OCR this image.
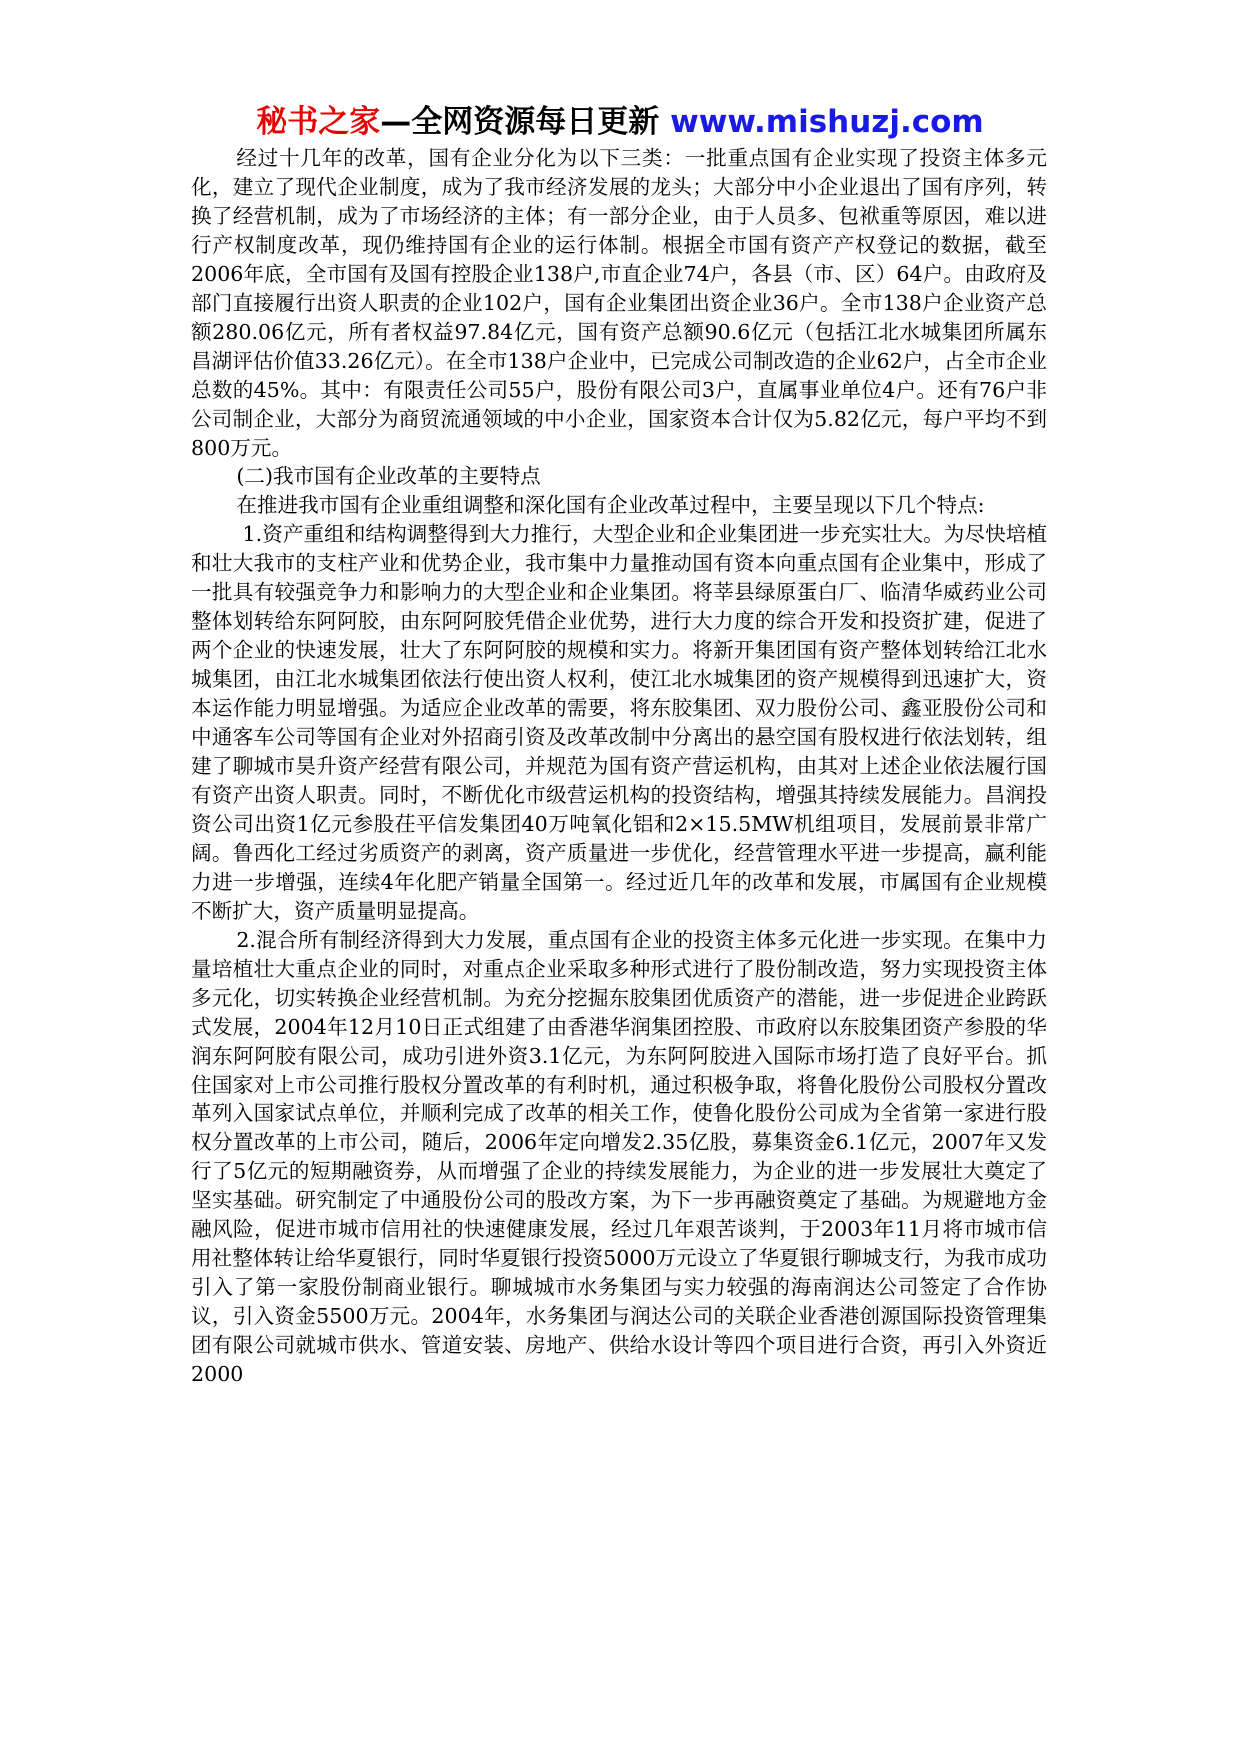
秘书之家—全网资源每日更新 www.mishuzj.com

经过十几年的改革，国有企业分化为以下三类：一批重点国有企业实现了投资主体多元化，建立了现代企业制度，成为了我市经济发展的龙头；大部分中小企业退出了国有序列，转换了经营机制，成为了市场经济的主体；有一部分企业，由于人员多、包袱重等原因，难以进行产权制度改革，现仍维持国有企业的运行体制。根据全市国有资产产权登记的数据，截至2006年底，全市国有及国有控股企业138户,市直企业74户，各县（市、区）64户。由政府及部门直接履行出资人职责的企业102户，国有企业集团出资企业36户。全市138户企业资产总额280.06亿元，所有者权益97.84亿元，国有资产总额90.6亿元（包括江北水城集团所属东昌湖评估价值33.26亿元）。在全市138户企业中，已完成公司制改造的企业62户，占全市企业总数的45%。其中：有限责任公司55户，股份有限公司3户，直属事业单位4户。还有76户非公司制企业，大部分为商贸流通领域的中小企业，国家资本合计仅为5.82亿元，每户平均不到800万元。

(二)我市国有企业改革的主要特点

在推进我市国有企业重组调整和深化国有企业改革过程中，主要呈现以下几个特点:

1.资产重组和结构调整得到大力推行，大型企业和企业集团进一步充实壮大。为尽快培植和壮大我市的支柱产业和优势企业，我市集中力量推动国有资本向重点国有企业集中，形成了一批具有较强竞争力和影响力的大型企业和企业集团。将莘县绿原蛋白厂、临清华威药业公司整体划转给东阿阿胶，由东阿阿胶凭借企业优势，进行大力度的综合开发和投资扩建，促进了两个企业的快速发展，壮大了东阿阿胶的规模和实力。将新开集团国有资产整体划转给江北水城集团，由江北水城集团依法行使出资人权利，使江北水城集团的资产规模得到迅速扩大，资本运作能力明显增强。为适应企业改革的需要，将东胶集团、双力股份公司、鑫亚股份公司和中通客车公司等国有企业对外招商引资及改革改制中分离出的悬空国有股权进行依法划转，组建了聊城市昊升资产经营有限公司，并规范为国有资产营运机构，由其对上述企业依法履行国有资产出资人职责。同时，不断优化市级营运机构的投资结构，增强其持续发展能力。昌润投资公司出资1亿元参股茌平信发集团40万吨氧化铝和2×15.5MW机组项目，发展前景非常广阔。鲁西化工经过劣质资产的剥离，资产质量进一步优化，经营管理水平进一步提高，赢利能力进一步增强，连续4年化肥产销量全国第一。经过近几年的改革和发展，市属国有企业规模不断扩大，资产质量明显提高。

2.混合所有制经济得到大力发展，重点国有企业的投资主体多元化进一步实现。在集中力量培植壮大重点企业的同时，对重点企业采取多种形式进行了股份制改造，努力实现投资主体多元化，切实转换企业经营机制。为充分挖掘东胶集团优质资产的潜能，进一步促进企业跨跃式发展，2004年12月10日正式组建了由香港华润集团控股、市政府以东胶集团资产参股的华润东阿阿胶有限公司，成功引进外资3.1亿元，为东阿阿胶进入国际市场打造了良好平台。抓住国家对上市公司推行股权分置改革的有利时机，通过积极争取，将鲁化股份公司股权分置改革列入国家试点单位，并顺利完成了改革的相关工作，使鲁化股份公司成为全省第一家进行股权分置改革的上市公司，随后，2006年定向增发2.35亿股，募集资金6.1亿元，2007年又发行了5亿元的短期融资券，从而增强了企业的持续发展能力，为企业的进一步发展壮大奠定了坚实基础。研究制定了中通股份公司的股改方案，为下一步再融资奠定了基础。为规避地方金融风险，促进市城市信用社的快速健康发展，经过几年艰苦谈判，于2003年11月将市城市信用社整体转让给华夏银行，同时华夏银行投资5000万元设立了华夏银行聊城支行，为我市成功引入了第一家股份制商业银行。聊城城市水务集团与实力较强的海南润达公司签定了合作协议，引入资金5500万元。2004年，水务集团与润达公司的关联企业香港创源国际投资管理集团有限公司就城市供水、管道安装、房地产、供给水设计等四个项目进行合资，再引入外资近2000
